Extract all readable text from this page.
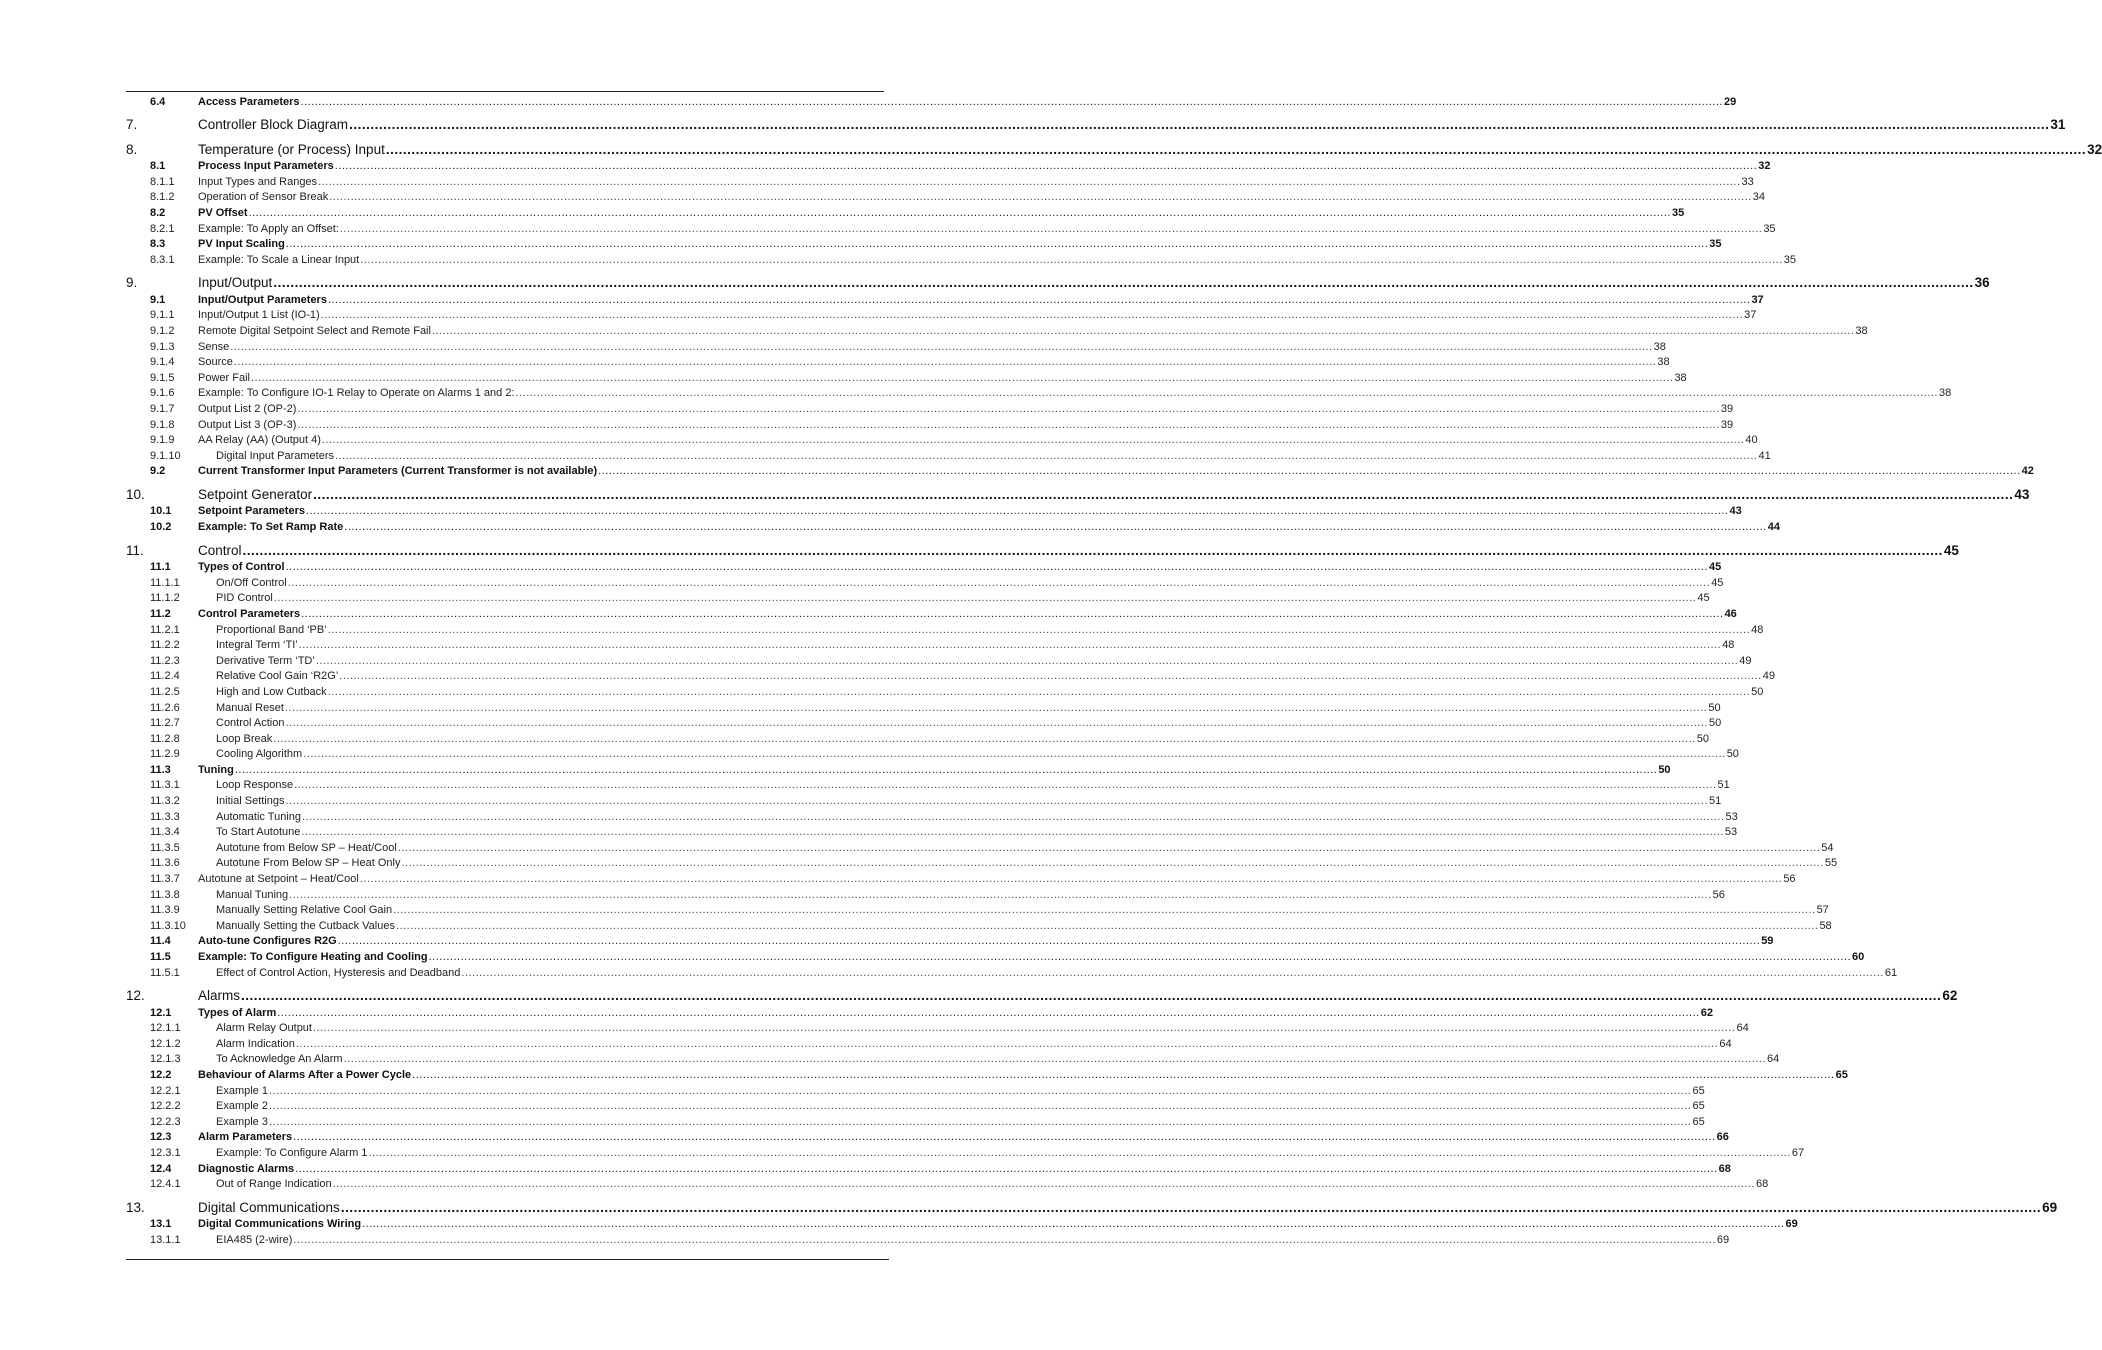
6.4	Access Parameters ................................................................................................................................................................................................................................................................................................................................................................................................................ 29
7.	Controller Block Diagram ................................................................................................................................................................................................................................................................................................................................................................................................................ 31
8.	Temperature (or Process) Input ................................................................................................................................................................................................................................................................................................................................................................................................................ 32
8.1	Process Input Parameters ................................................................................................................................................................................................................................................................................................................................................................................................................ 32
8.1.1 Input Types and Ranges ................................................................................................................................................................................................................................................................................................................................................................................................................ 33
8.1.2 Operation of Sensor Break ................................................................................................................................................................................................................................................................................................................................................................................................................ 34
8.2	PV Offset ................................................................................................................................................................................................................................................................................................................................................................................................................ 35
8.2.1 Example: To Apply an Offset: ................................................................................................................................................................................................................................................................................................................................................................................................................ 35
8.3	PV Input Scaling ................................................................................................................................................................................................................................................................................................................................................................................................................ 35
8.3.1 Example: To Scale a Linear Input ................................................................................................................................................................................................................................................................................................................................................................................................................ 35
9.	Input/Output ................................................................................................................................................................................................................................................................................................................................................................................................................ 36
9.1	Input/Output Parameters ................................................................................................................................................................................................................................................................................................................................................................................................................ 37
9.1.1 Input/Output 1 List (IO-1) ................................................................................................................................................................................................................................................................................................................................................................................................................ 37
9.1.2 Remote Digital Setpoint Select and Remote Fail ................................................................................................................................................................................................................................................................................................................................................................................................................ 38
9.1.3 Sense ................................................................................................................................................................................................................................................................................................................................................................................................................ 38
9.1.4 Source ................................................................................................................................................................................................................................................................................................................................................................................................................ 38
9.1.5 Power Fail ................................................................................................................................................................................................................................................................................................................................................................................................................ 38
9.1.6 Example: To Configure IO-1 Relay to Operate on Alarms 1 and 2: ................................................................................................................................................................................................................................................................................................................................................................................................................ 38
9.1.7 Output List 2 (OP-2) ................................................................................................................................................................................................................................................................................................................................................................................................................ 39
9.1.8 Output List 3 (OP-3) ................................................................................................................................................................................................................................................................................................................................................................................................................ 39
9.1.9 AA Relay (AA) (Output 4) ................................................................................................................................................................................................................................................................................................................................................................................................................ 40
9.1.10	Digital Input Parameters ................................................................................................................................................................................................................................................................................................................................................................................................................ 41
9.2	Current Transformer Input Parameters (Current Transformer is not available) ................................................................................................................................................................................................................................................................................................................................................................................................................ 42
10.	Setpoint Generator ................................................................................................................................................................................................................................................................................................................................................................................................................ 43
10.1 Setpoint Parameters ................................................................................................................................................................................................................................................................................................................................................................................................................ 43
10.2 Example: To Set Ramp Rate ................................................................................................................................................................................................................................................................................................................................................................................................................ 44
11.	Control ................................................................................................................................................................................................................................................................................................................................................................................................................ 45
11.1 Types of Control ................................................................................................................................................................................................................................................................................................................................................................................................................ 45
11.1.1	On/Off Control ................................................................................................................................................................................................................................................................................................................................................................................................................ 45
11.1.2	PID Control ................................................................................................................................................................................................................................................................................................................................................................................................................ 45
11.2 Control Parameters ................................................................................................................................................................................................................................................................................................................................................................................................................ 46
11.2.1	Proportional Band ‘PB’ ................................................................................................................................................................................................................................................................................................................................................................................................................ 48
11.2.2	Integral Term ‘TI’ ................................................................................................................................................................................................................................................................................................................................................................................................................ 48
11.2.3	Derivative Term ‘TD’ ................................................................................................................................................................................................................................................................................................................................................................................................................ 49
11.2.4	Relative Cool Gain ‘R2G’ ................................................................................................................................................................................................................................................................................................................................................................................................................ 49
11.2.5	High and Low Cutback ................................................................................................................................................................................................................................................................................................................................................................................................................ 50
11.2.6	Manual Reset ................................................................................................................................................................................................................................................................................................................................................................................................................ 50
11.2.7	Control Action ................................................................................................................................................................................................................................................................................................................................................................................................................ 50
11.2.8	Loop Break ................................................................................................................................................................................................................................................................................................................................................................................................................ 50
11.2.9	Cooling Algorithm ................................................................................................................................................................................................................................................................................................................................................................................................................ 50
11.3 Tuning ................................................................................................................................................................................................................................................................................................................................................................................................................ 50
11.3.1	Loop Response ................................................................................................................................................................................................................................................................................................................................................................................................................ 51
11.3.2	Initial Settings ................................................................................................................................................................................................................................................................................................................................................................................................................ 51
11.3.3	Automatic Tuning ................................................................................................................................................................................................................................................................................................................................................................................................................ 53
11.3.4	To Start Autotune ................................................................................................................................................................................................................................................................................................................................................................................................................ 53
11.3.5	Autotune from Below SP – Heat/Cool ................................................................................................................................................................................................................................................................................................................................................................................................................ 54
11.3.6	Autotune From Below SP – Heat Only ................................................................................................................................................................................................................................................................................................................................................................................................................ 55
11.3.7 Autotune at Setpoint – Heat/Cool ................................................................................................................................................................................................................................................................................................................................................................................................................ 56
11.3.8	Manual Tuning ................................................................................................................................................................................................................................................................................................................................................................................................................ 56
11.3.9	Manually Setting Relative Cool Gain ................................................................................................................................................................................................................................................................................................................................................................................................................ 57
11.3.10	Manually Setting the Cutback Values ................................................................................................................................................................................................................................................................................................................................................................................................................ 58
11.4 Auto-tune Configures R2G ................................................................................................................................................................................................................................................................................................................................................................................................................ 59
11.5 Example: To Configure Heating and Cooling ................................................................................................................................................................................................................................................................................................................................................................................................................ 60
11.5.1	Effect of Control Action, Hysteresis and Deadband ................................................................................................................................................................................................................................................................................................................................................................................................................ 61
12.	Alarms ................................................................................................................................................................................................................................................................................................................................................................................................................ 62
12.1 Types of Alarm ................................................................................................................................................................................................................................................................................................................................................................................................................ 62
12.1.1	Alarm Relay Output ................................................................................................................................................................................................................................................................................................................................................................................................................ 64
12.1.2	Alarm Indication ................................................................................................................................................................................................................................................................................................................................................................................................................ 64
12.1.3	To Acknowledge An Alarm ................................................................................................................................................................................................................................................................................................................................................................................................................ 64
12.2 Behaviour of Alarms After a Power Cycle ................................................................................................................................................................................................................................................................................................................................................................................................................ 65
12.2.1	Example 1 ................................................................................................................................................................................................................................................................................................................................................................................................................ 65
12.2.2	Example 2 ................................................................................................................................................................................................................................................................................................................................................................................................................ 65
12.2.3	Example 3 ................................................................................................................................................................................................................................................................................................................................................................................................................ 65
12.3 Alarm Parameters ................................................................................................................................................................................................................................................................................................................................................................................................................ 66
12.3.1	Example: To Configure Alarm 1 ................................................................................................................................................................................................................................................................................................................................................................................................................ 67
12.4 Diagnostic Alarms ................................................................................................................................................................................................................................................................................................................................................................................................................ 68
12.4.1	Out of Range Indication ................................................................................................................................................................................................................................................................................................................................................................................................................ 68
13.	Digital Communications ................................................................................................................................................................................................................................................................................................................................................................................................................ 69
13.1 Digital Communications Wiring ................................................................................................................................................................................................................................................................................................................................................................................................................ 69
13.1.1	EIA485 (2-wire) ................................................................................................................................................................................................................................................................................................................................................................................................................ 69
